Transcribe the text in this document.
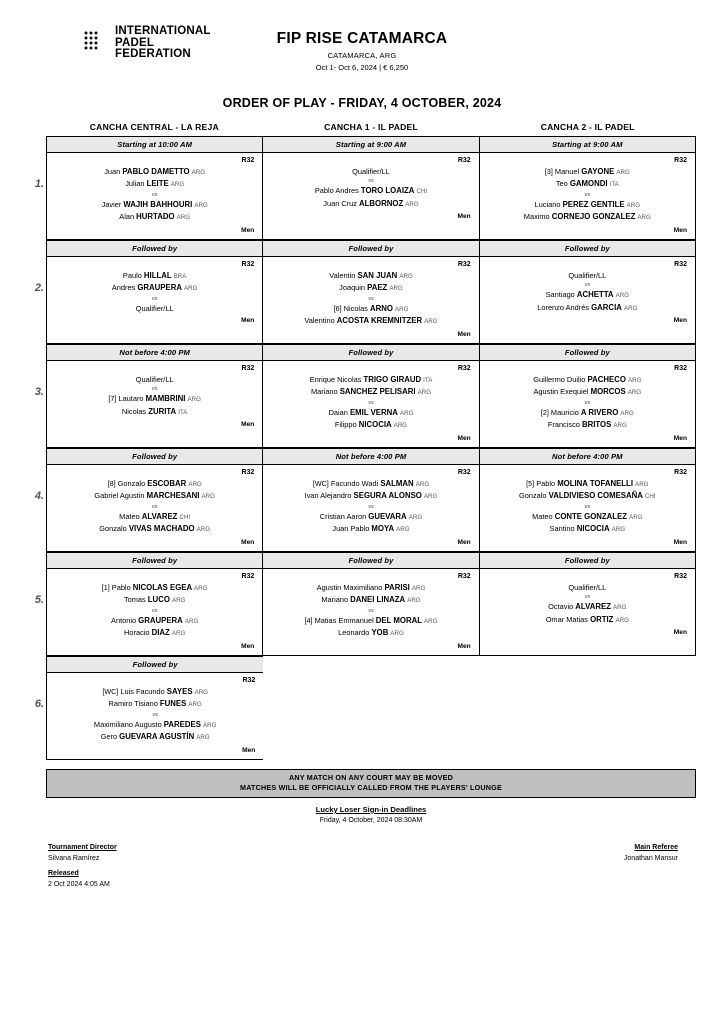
INTERNATIONAL
PADEL
FEDERATION
FIP RISE CATAMARCA
CATAMARCA, ARG
Oct 1- Oct 6, 2024 | € 6,250
ORDER OF PLAY - FRIDAY, 4 OCTOBER, 2024
CANCHA CENTRAL - LA REJA	CANCHA 1 - IL PADEL	CANCHA 2 - IL PADEL
1.
Starting at 10:00 AM
R32
Juan PABLO DAMETTO ARG
Julian LEITE ARG
vs
Javier WAJIH BAHHOURI ARG
Alan HURTADO ARG
Men
Starting at 9:00 AM
R32
Qualifier/LL
vs
Pablo Andres TORO LOAIZA CHI
Juan Cruz ALBORNOZ ARG
Men
Starting at 9:00 AM
R32
[3] Manuel GAYONE ARG
Teo GAMONDI ITA
vs
Luciano PEREZ GENTILE ARG
Maximo CORNEJO GONZALEZ ARG
Men
2.
Followed by
R32
Paulo HILLAL BRA
Andres GRAUPERA ARG
vs
Qualifier/LL
Men
Followed by
R32
Valentin SAN JUAN ARG
Joaquin PAEZ ARG
vs
[6] Nicolas ARNO ARG
Valentino ACOSTA KREMNITZER ARG
Men
Followed by
R32
Qualifier/LL
vs
Santiago ACHETTA ARG
Lorenzo Andrés GARCIA ARG
Men
3.
Not before 4:00 PM
R32
Qualifier/LL
vs
[7] Lautaro MAMBRINI ARG
Nicolas ZURITA ITA
Men
Followed by
R32
Enrique Nicolas TRIGO GIRAUD ITA
Mariano SANCHEZ PELISARI ARG
vs
Daian EMIL VERNA ARG
Filippo NICOCIA ARG
Men
Followed by
R32
Guillermo Duilio PACHECO ARG
Agustin Exequiel MORCOS ARG
vs
[2] Mauricio A RIVERO ARG
Francisco BRITOS ARG
Men
4.
Followed by
R32
[8] Gonzalo ESCOBAR ARG
Gabriel Agustin MARCHESANI ARG
vs
Mateo ALVAREZ CHI
Gonzalo VIVAS MACHADO ARG
Men
Not before 4:00 PM
R32
[WC] Facundo Wadi SALMAN ARG
Ivan Alejandro SEGURA ALONSO ARG
vs
Cristian Aaron GUEVARA ARG
Juan Pablo MOYA ARG
Men
Not before 4:00 PM
R32
[5] Pablo MOLINA TOFANELLI ARG
Gonzalo VALDIVIESO COMESAÑA CHI
vs
Mateo CONTE GONZALEZ ARG
Santino NICOCIA ARG
Men
5.
Followed by
R32
[1] Pablo NICOLAS EGEA ARG
Tomas LUCO ARG
vs
Antonio GRAUPERA ARG
Horacio DIAZ ARG
Men
Followed by
R32
Agustin Maximiliano PARISI ARG
Mariano DANEI LINAZA ARG
vs
[4] Matias Emmanuel DEL MORAL ARG
Leonardo YOB ARG
Men
Followed by
R32
Qualifier/LL
vs
Octavio ALVAREZ ARG
Omar Matias ORTIZ ARG
Men
6.
Followed by
R32
[WC] Luis Facundo SAYES ARG
Ramiro Tisiano FUNES ARG
vs
Maximiliano Augusto PAREDES ARG
Gero GUEVARA AGUSTÍN ARG
Men
ANY MATCH ON ANY COURT MAY BE MOVED
MATCHES WILL BE OFFICIALLY CALLED FROM THE PLAYERS' LOUNGE
Lucky Loser Sign-in Deadlines
Friday, 4 October, 2024 08:30AM
Tournament Director
Silvana Ramírez
Released
2 Oct 2024 4:05 AM
Main Referee
Jonathan Mansur
